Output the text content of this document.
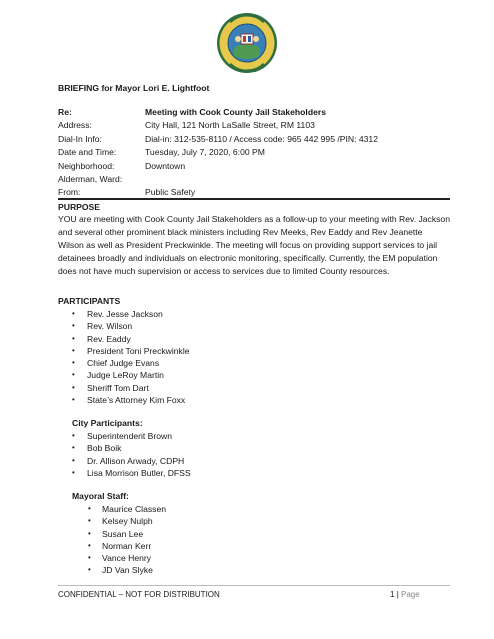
BRIEFING for Mayor Lori E. Lightfoot
Re:	Meeting with Cook County Jail Stakeholders
Address:	City Hall, 121 North LaSalle Street, RM 1103
Dial-In Info:	Dial-in: 312-535-8110 / Access code: 965 442 995 /PIN: 4312
Date and Time:	Tuesday, July 7, 2020, 6:00 PM
Neighborhood:	Downtown
Alderman, Ward:
From:	Public Safety
PURPOSE
YOU are meeting with Cook County Jail Stakeholders as a follow-up to your meeting with Rev. Jackson and several other prominent black ministers including Rev Meeks, Rev Eaddy and Rev Jeanette Wilson as well as President Preckwinkle. The meeting will focus on providing support services to jail detainees broadly and individuals on electronic monitoring, specifically. Currently, the EM population does not have much supervision or access to services due to limited County resources.
PARTICIPANTS
• Rev. Jesse Jackson
• Rev. Wilson
• Rev. Eaddy
• President Toni Preckwinkle
• Chief Judge Evans
• Judge LeRoy Martin
• Sheriff Tom Dart
• State’s Attorney Kim Foxx
City Participants:
• Superintendent Brown
• Bob Boik
• Dr. Allison Arwady, CDPH
• Lisa Morrison Butler, DFSS
Mayoral Staff:
• Maurice Classen
• Kelsey Nulph
• Susan Lee
• Norman Kerr
• Vance Henry
• JD Van Slyke
CONFIDENTIAL – NOT FOR DISTRIBUTION	1 | Page
